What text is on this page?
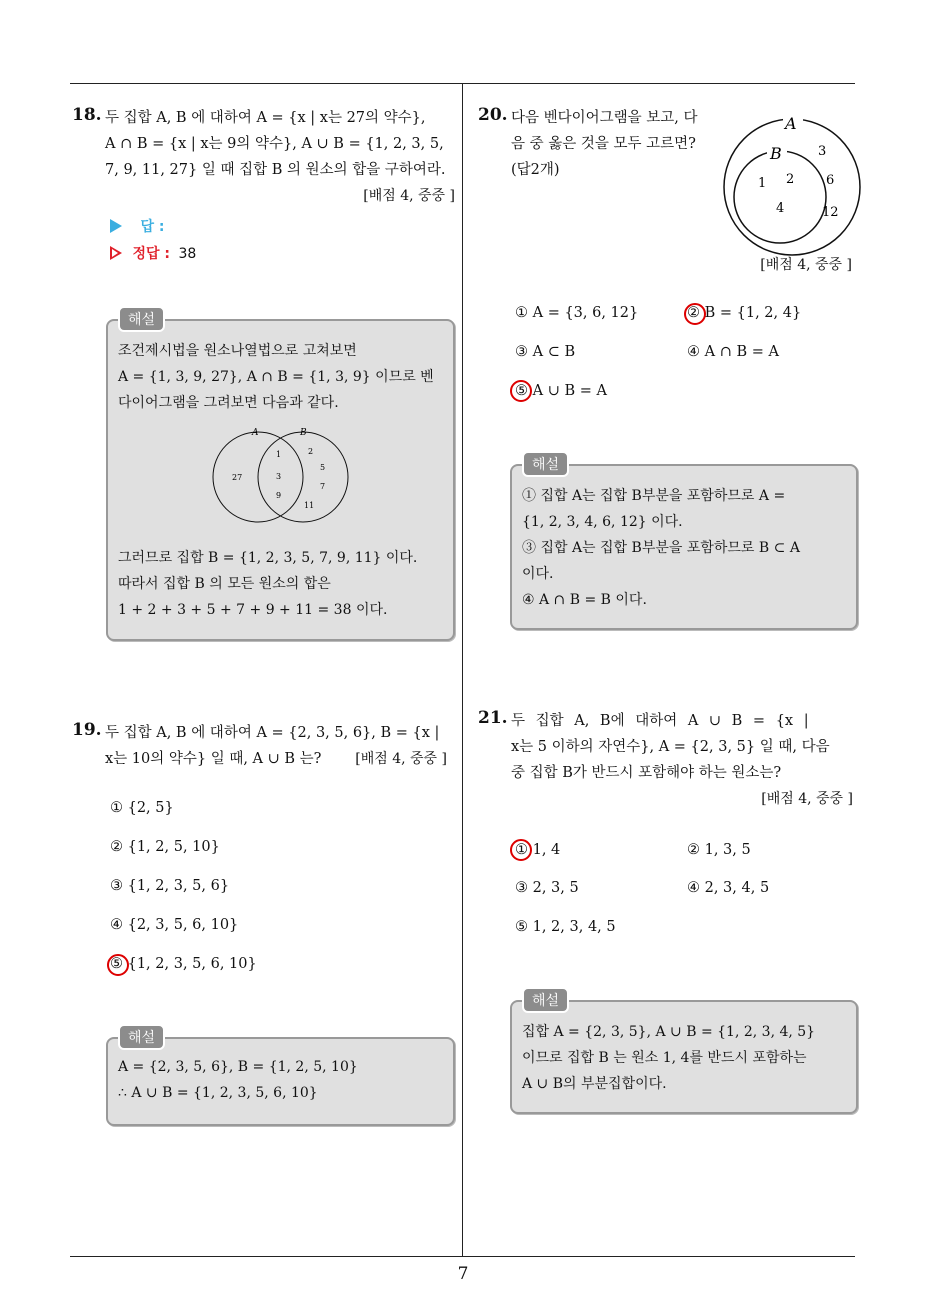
18. 두 집합 A, B 에 대하여 A = {x | x는 27의 약수},
A ∩ B = {x | x는 9의 약수}, A ∪ B = {1, 2, 3, 5,
7, 9, 11, 27} 일 때 집합 B 의 원소의 합을 구하여라.
[배점 4, 중중 ]
답 :
정답 : 38
해설
조건제시법을 원소나열법으로 고쳐보면
A = {1, 3, 9, 27}, A ∩ B = {1, 3, 9} 이므로 벤
다이어그램을 그려보면 다음과 같다.
A	B
27
1
3
9
2
5
7
11
그러므로 집합 B = {1, 2, 3, 5, 7, 9, 11} 이다.
따라서 집합 B 의 모든 원소의 합은
1 + 2 + 3 + 5 + 7 + 9 + 11 = 38 이다.
19. 두 집합 A, B 에 대하여 A = {2, 3, 5, 6}, B = {x |
x는 10의 약수} 일 때, A ∪ B 는? [배점 4, 중중 ]
① {2, 5}
② {1, 2, 5, 10}
③ {1, 2, 3, 5, 6}
④ {2, 3, 5, 6, 10}
⑤ {1, 2, 3, 5, 6, 10}
해설
A = {2, 3, 5, 6}, B = {1, 2, 5, 10}
∴ A ∪ B = {1, 2, 3, 5, 6, 10}
20. 다음 벤다이어그램을 보고, 다
음 중 옳은 것을 모두 고르면?
(답2개)
A
B
1 2
4
3
6
12
[배점 4, 중중 ]
① A = {3, 6, 12}	② B = {1, 2, 4}
③ A ⊂ B	④ A ∩ B = A
⑤ A ∪ B = A
해설
① 집합 A는 집합 B부분을 포함하므로 A =
{1, 2, 3, 4, 6, 12} 이다.
③ 집합 A는 집합 B부분을 포함하므로 B ⊂ A
이다.
④ A ∩ B = B 이다.
21. 두 집합 A, B에 대하여 A ∪ B = {x |
x는 5 이하의 자연수}, A = {2, 3, 5} 일 때, 다음
중 집합 B가 반드시 포함해야 하는 원소는?
[배점 4, 중중 ]
① 1, 4	② 1, 3, 5
③ 2, 3, 5	④ 2, 3, 4, 5
⑤ 1, 2, 3, 4, 5
해설
집합 A = {2, 3, 5}, A ∪ B = {1, 2, 3, 4, 5}
이므로 집합 B 는 원소 1, 4를 반드시 포함하는
A ∪ B의 부분집합이다.
7
